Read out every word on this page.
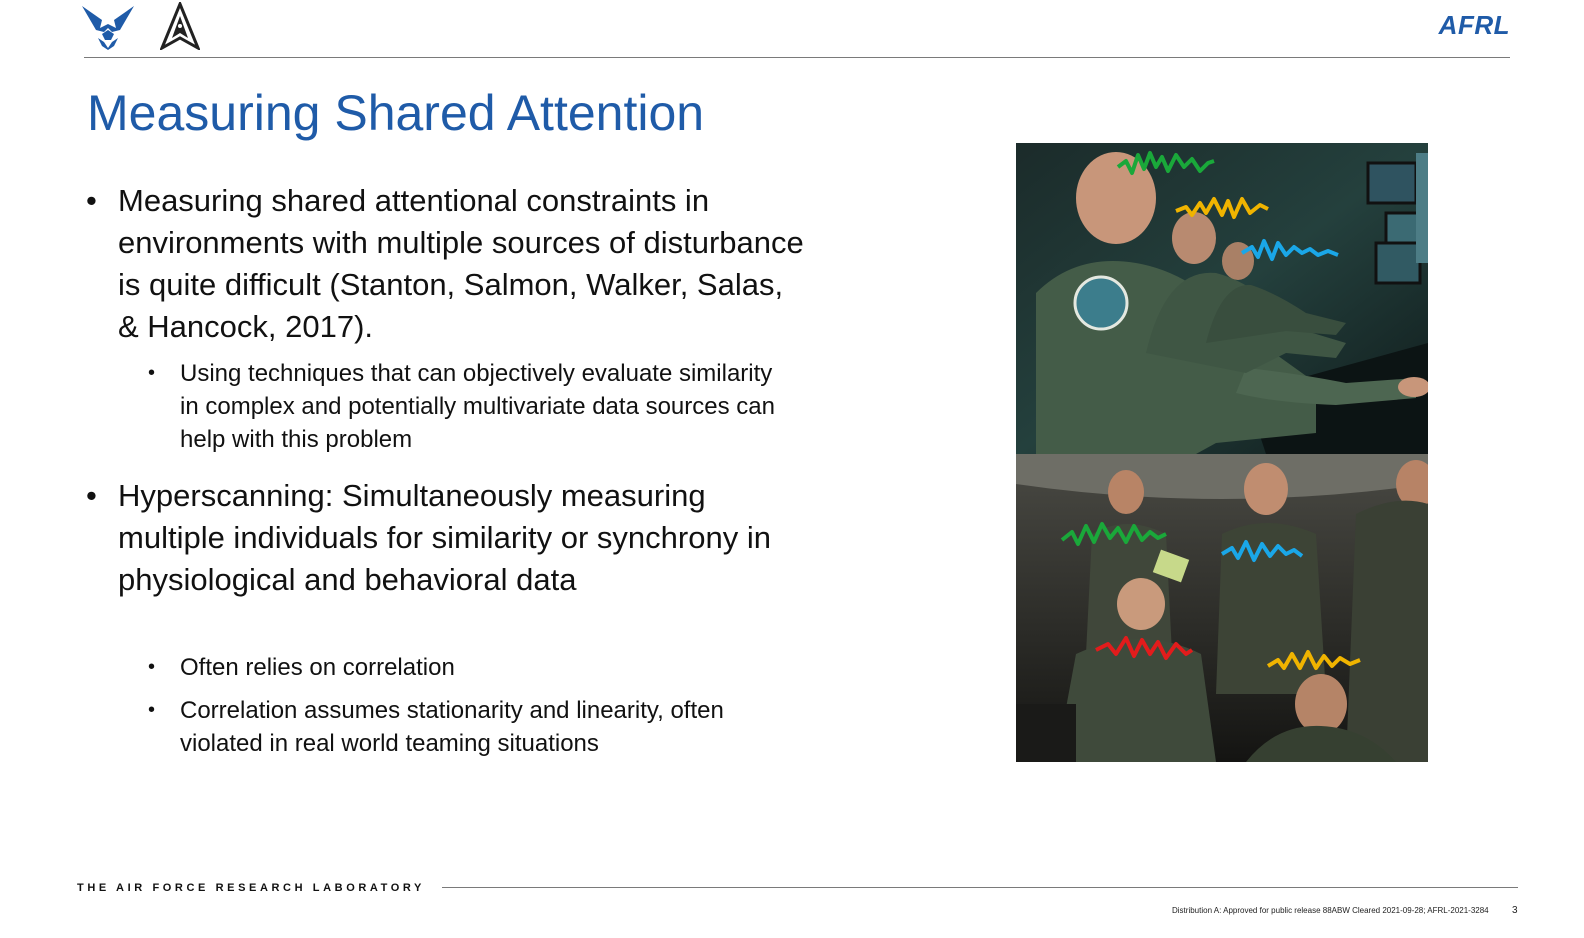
AFRL
Measuring Shared Attention
• Measuring shared attentional constraints in environments with multiple sources of disturbance is quite difficult (Stanton, Salmon, Walker, Salas, & Hancock, 2017).
• Using techniques that can objectively evaluate similarity in complex and potentially multivariate data sources can help with this problem
• Hyperscanning: Simultaneously measuring multiple individuals for similarity or synchrony in physiological and behavioral data
• Often relies on correlation
• Correlation assumes stationarity and linearity, often violated in real world teaming situations
THE AIR FORCE RESEARCH LABORATORY
Distribution A: Approved for public release 88ABW Cleared 2021-09-28; AFRL-2021-3284 3
